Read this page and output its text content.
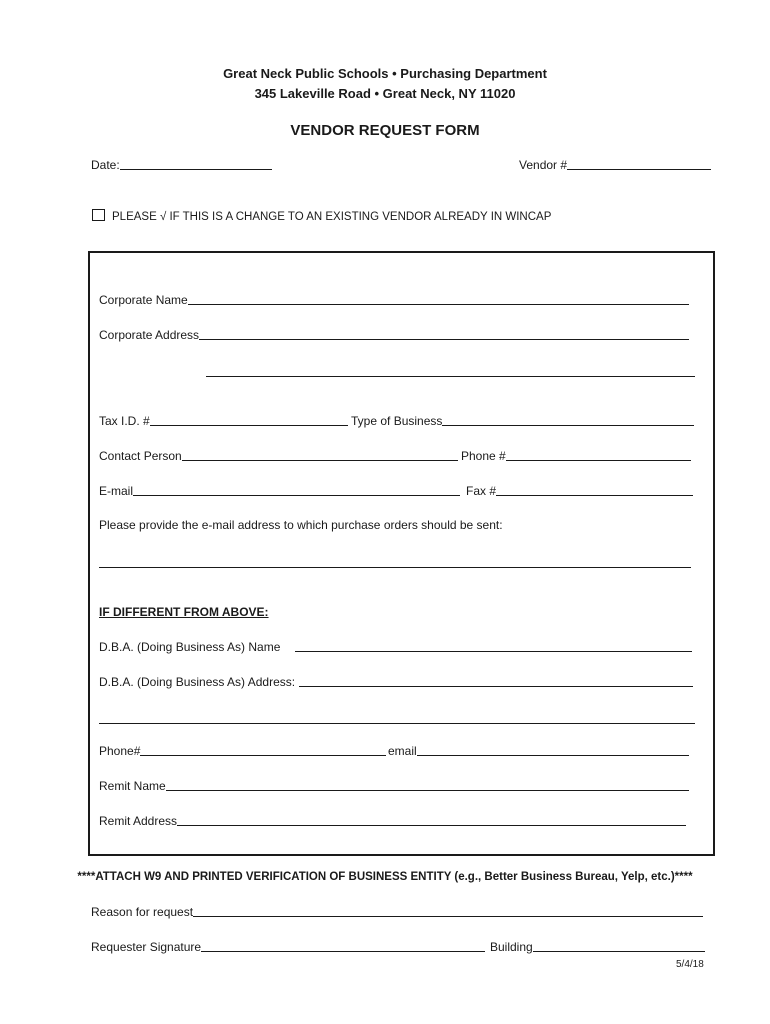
Great Neck Public Schools • Purchasing Department
345 Lakeville Road • Great Neck, NY 11020
VENDOR REQUEST FORM
Date:	Vendor #
PLEASE √ IF THIS IS A CHANGE TO AN EXISTING VENDOR ALREADY IN WINCAP
Corporate Name
Corporate Address
Tax I.D. #	Type of Business
Contact Person	Phone #
E-mail	Fax #
Please provide the e-mail address to which purchase orders should be sent:
IF DIFFERENT FROM ABOVE:
D.B.A. (Doing Business As) Name
D.B.A. (Doing Business As) Address:
Phone#	email
Remit Name
Remit Address
****ATTACH W9 AND PRINTED VERIFICATION OF BUSINESS ENTITY (e.g., Better Business Bureau, Yelp, etc.)****
Reason for request
Requester Signature	Building
5/4/18
